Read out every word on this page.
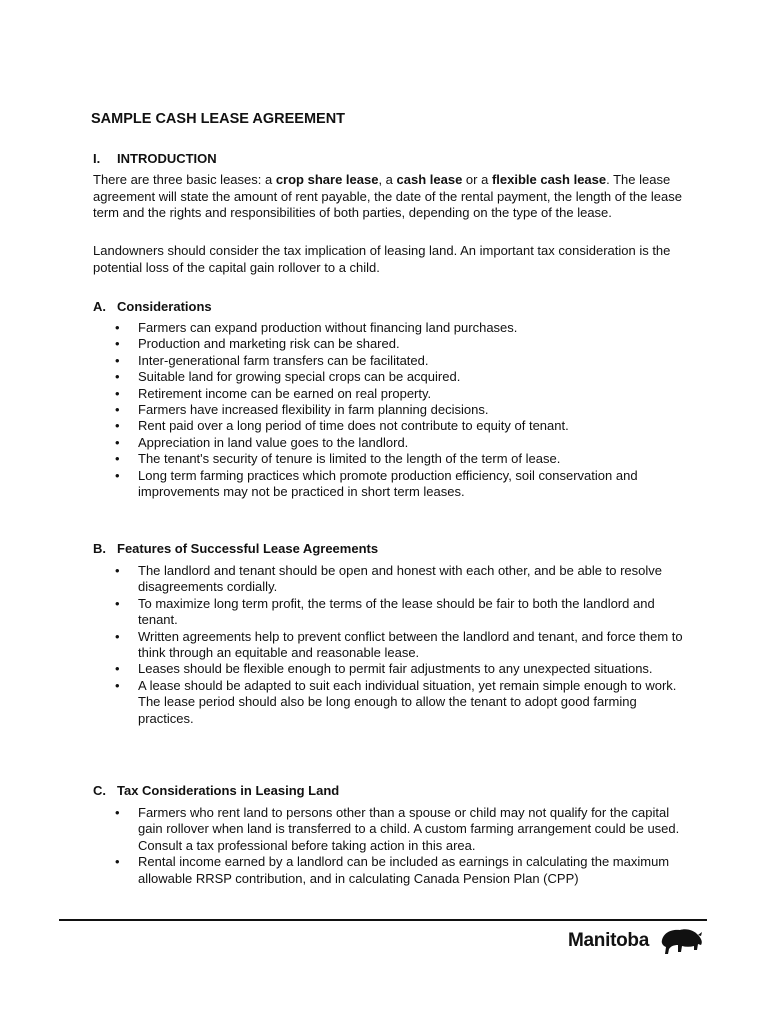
SAMPLE CASH LEASE AGREEMENT
I. INTRODUCTION
There are three basic leases: a crop share lease, a cash lease or a flexible cash lease. The lease agreement will state the amount of rent payable, the date of the rental payment, the length of the lease term and the rights and responsibilities of both parties, depending on the type of the lease.
Landowners should consider the tax implication of leasing land. An important tax consideration is the potential loss of the capital gain rollover to a child.
A. Considerations
• Farmers can expand production without financing land purchases.
• Production and marketing risk can be shared.
• Inter-generational farm transfers can be facilitated.
• Suitable land for growing special crops can be acquired.
• Retirement income can be earned on real property.
• Farmers have increased flexibility in farm planning decisions.
• Rent paid over a long period of time does not contribute to equity of tenant.
• Appreciation in land value goes to the landlord.
• The tenant's security of tenure is limited to the length of the term of lease.
• Long term farming practices which promote production efficiency, soil conservation and improvements may not be practiced in short term leases.
B. Features of Successful Lease Agreements
• The landlord and tenant should be open and honest with each other, and be able to resolve disagreements cordially.
• To maximize long term profit, the terms of the lease should be fair to both the landlord and tenant.
• Written agreements help to prevent conflict between the landlord and tenant, and force them to think through an equitable and reasonable lease.
• Leases should be flexible enough to permit fair adjustments to any unexpected situations.
• A lease should be adapted to suit each individual situation, yet remain simple enough to work. The lease period should also be long enough to allow the tenant to adopt good farming practices.
C. Tax Considerations in Leasing Land
• Farmers who rent land to persons other than a spouse or child may not qualify for the capital gain rollover when land is transferred to a child. A custom farming arrangement could be used. Consult a tax professional before taking action in this area.
• Rental income earned by a landlord can be included as earnings in calculating the maximum allowable RRSP contribution, and in calculating Canada Pension Plan (CPP)
Manitoba
